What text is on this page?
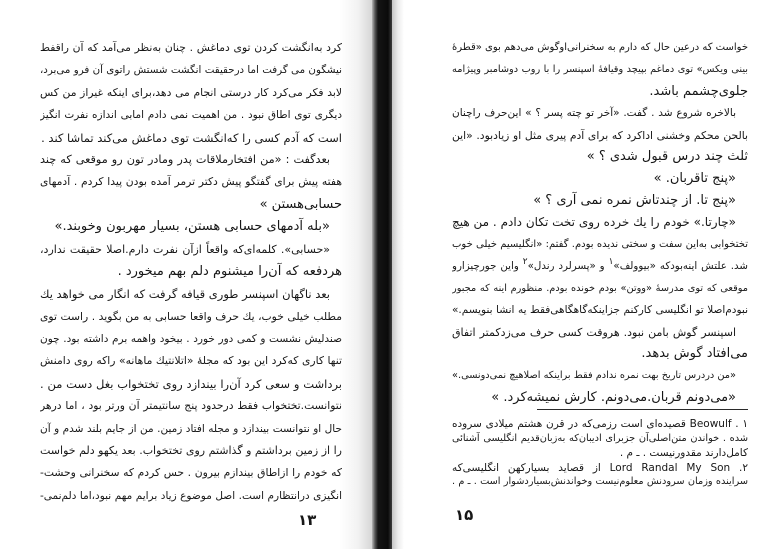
کرد به‌انگشت کردن توی دماغش . چنان به‌نظر می‌آمد که آن راقفط
نیشگون می گرفت اما درحقیقت انگشت شستش راتوی آن فرو می‌برد،
لابد فکر می‌کرد کار درستی انجام می دهد،برای اینکه غیراز من کس
دیگری توی اطاق نبود . من اهمیت نمی دادم امابی اندازه نفرت انگیز
است که آدم کسی را که‌انگشت توی دماغش می‌کند تماشا کند .
بعدگفت : «من افتخارملاقات پدر ومادر تون رو موقعی که چند
هفته پیش برای گفتگو پیش دکتر ترمر آمده بودن پیدا کردم . آدمهای
حسابی‌هستن »
«بله آدمهای حسابی هستن، بسیار مهربون وخوبند.»
«حسابی». کلمه‌ای‌که واقعاً ازآن نفرت دارم.اصلا حقیقت ندارد،
هردفعه که آن‌را میشنوم دلم بهم میخورد .
بعد ناگهان اسپنسر طوری قیافه گرفت که انگار می خواهد یك
مطلب خیلی خوب، یك حرف واقعا حسابی به من بگوید . راست توی
صندلیش نشست و کمی دور خورد . بیخود واهمه برم داشته بود. چون
تنها کاری که‌کرد این بود که مجلهٔ «اتلانتیك ماهانه» راکه روی دامنش
برداشت و سعی کرد آن‌را بیندازد روی تختخواب بغل دست من .
نتوانست.تختخواب فقط درحدود پنج سانتیمتر آن ورتر بود ، اما درهر
حال او نتوانست بیندازد و مجله افتاد زمین. من از جایم بلند شدم و آن
را از زمین برداشتم و گذاشتم روی تختخواب. بعد یکهو دلم خواست
که خودم را ازاطاق بیندازم بیرون . حس کردم که سخنرانی وحشت-
انگیزی درانتظارم است. اصل موضوع زیاد برایم مهم نبود،اما دلم‌نمی-
۱۳
خواست که درعین حال که دارم به سخنرانی‌اوگوش می‌دهم بوی «قطرهٔ
بینی ویکس» توی دماغم بپیچد وقیافهٔ اسپنسر را با روب دوشامبر وپیژامه
جلوی‌چشمم باشد.
بالاخره شروع شد . گفت. «آخر تو چته پسر ؟ » این‌حرف راچنان
بالحن محکم وخشنی اداکرد که برای آدم پیری مثل او زیادبود. «این
ثلث چند درس قبول شدی ؟ »
«پنج تاقربان. »
«پنج تا. از چندتاش نمره نمی آری ؟ »
«چارتا.» خودم را یك خرده روی تخت تکان دادم . من هیچ
تختخوابی به‌این سفت و سختی ندیده بودم. گفتم: «انگلیسیم خیلی خوب
شد. علتش اینه‌بودکه «بیوولف»۱ و «پسرلرد رندل»۲ واین جورچیزارو
موقعی که توی مدرسهٔ «ووتن» بودم خونده بودم. منظورم اینه که مجبور
نبودم‌اصلا تو انگلیسی کارکنم جزاینکه‌گاهگاهی‌فقط یه انشا بنویسم.»
اسپنسر گوش بامن نبود. هروقت کسی حرف می‌زدکمتر اتفاق
می‌افتاد گوش بدهد.
«من دردرس تاریخ بهت نمره ندادم فقط براینکه اصلاهیچ نمی‌دونسی.»
«می‌دونم قربان.می‌دونم. کارش نمیشه‌کرد. »
۱ . Beowulf قصیده‌ای است رزمی‌که در قرن هشتم میلادی سروده
شده . خواندن متن‌اصلی‌آن جزبرای ادیبان‌که به‌زبان‌قدیم انگلیسی آشنائی
کامل‌دارند مقدورنیست . ـ م .
۲. Lord Randal My Son از قصاید بسیارکهن انگلیسی‌که
سراینده وزمان سرودنش معلوم‌نیست وخواندنش‌بسیاردشوار است . ـ م .
۱۵
